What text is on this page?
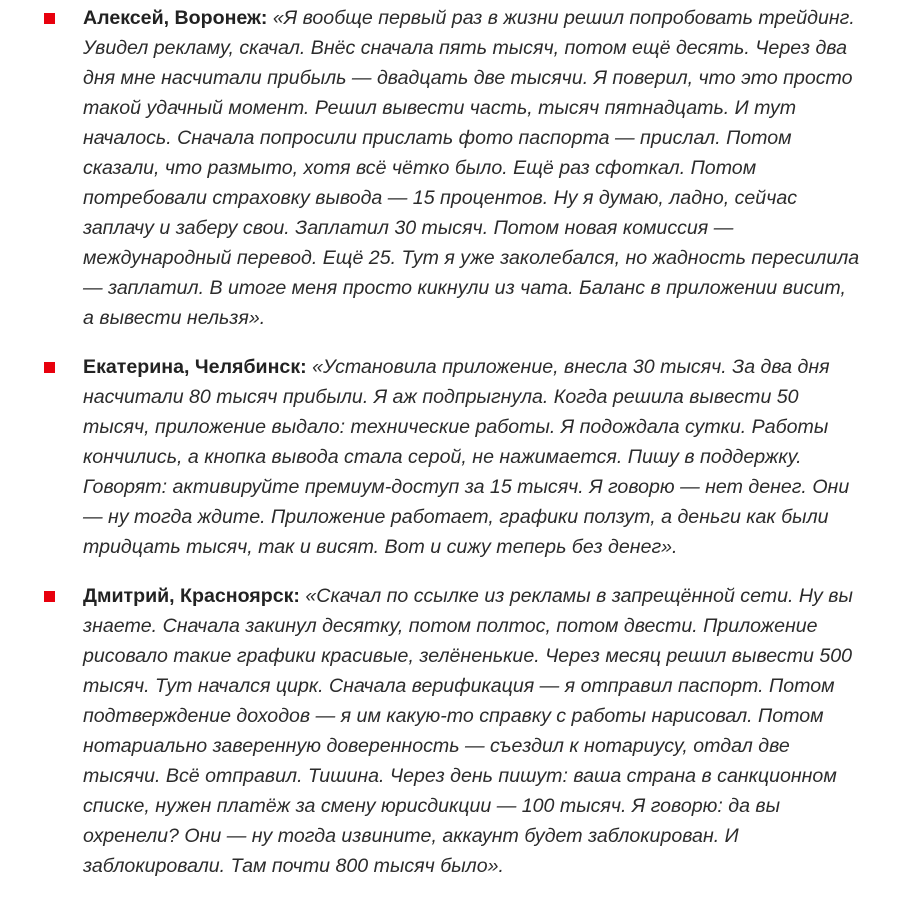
Алексей, Воронеж: «Я вообще первый раз в жизни решил попробовать трейдинг. Увидел рекламу, скачал. Внёс сначала пять тысяч, потом ещё десять. Через два дня мне насчитали прибыль — двадцать две тысячи. Я поверил, что это просто такой удачный момент. Решил вывести часть, тысяч пятнадцать. И тут началось. Сначала попросили прислать фото паспорта — прислал. Потом сказали, что размыто, хотя всё чётко было. Ещё раз сфоткал. Потом потребовали страховку вывода — 15 процентов. Ну я думаю, ладно, сейчас заплачу и заберу свои. Заплатил 30 тысяч. Потом новая комиссия — международный перевод. Ещё 25. Тут я уже заколебался, но жадность пересилила — заплатил. В итоге меня просто кикнули из чата. Баланс в приложении висит, а вывести нельзя».
Екатерина, Челябинск: «Установила приложение, внесла 30 тысяч. За два дня насчитали 80 тысяч прибыли. Я аж подпрыгнула. Когда решила вывести 50 тысяч, приложение выдало: технические работы. Я подождала сутки. Работы кончились, а кнопка вывода стала серой, не нажимается. Пишу в поддержку. Говорят: активируйте премиум-доступ за 15 тысяч. Я говорю — нет денег. Они — ну тогда ждите. Приложение работает, графики ползут, а деньги как были тридцать тысяч, так и висят. Вот и сижу теперь без денег».
Дмитрий, Красноярск: «Скачал по ссылке из рекламы в запрещённой сети. Ну вы знаете. Сначала закинул десятку, потом полтос, потом двести. Приложение рисовало такие графики красивые, зелёненькие. Через месяц решил вывести 500 тысяч. Тут начался цирк. Сначала верификация — я отправил паспорт. Потом подтверждение доходов — я им какую-то справку с работы нарисовал. Потом нотариально заверенную доверенность — съездил к нотариусу, отдал две тысячи. Всё отправил. Тишина. Через день пишут: ваша страна в санкционном списке, нужен платёж за смену юрисдикции — 100 тысяч. Я говорю: да вы охренели? Они — ну тогда извините, аккаунт будет заблокирован. И заблокировали. Там почти 800 тысяч было».
